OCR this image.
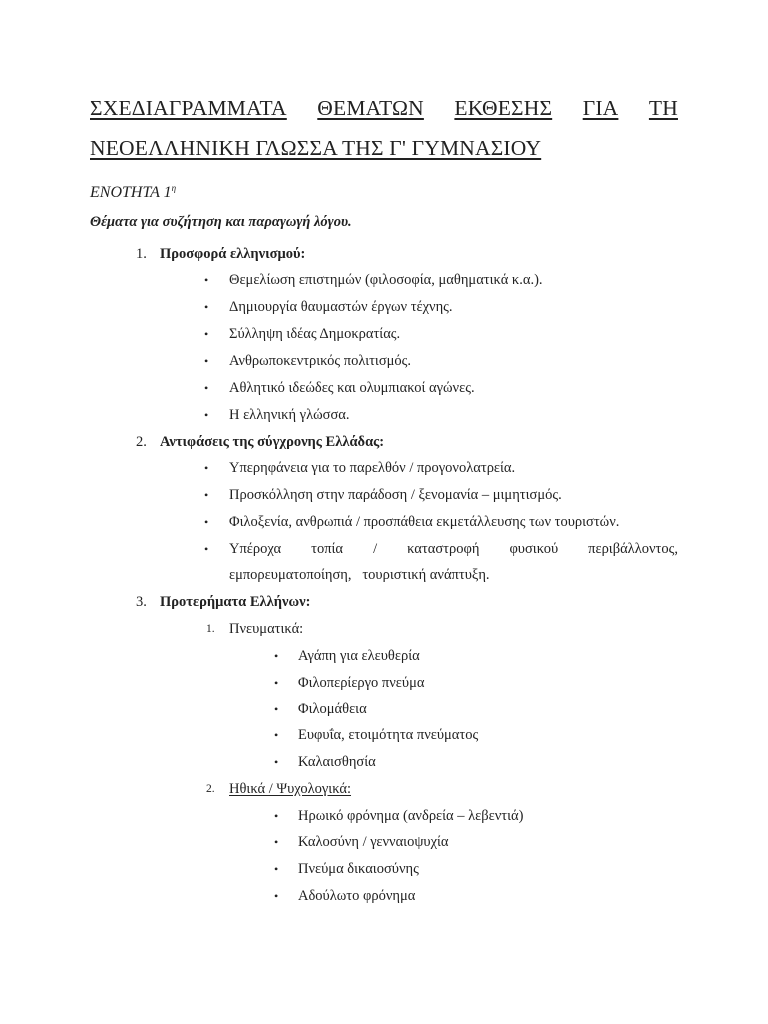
ΣΧΕΔΙΑΓΡΑΜΜΑΤΑ ΘΕΜΑΤΩΝ ΕΚΘΕΣΗΣ ΓΙΑ ΤΗ
ΝΕΟΕΛΛΗΝΙΚΗ ΓΛΩΣΣΑ ΤΗΣ Γ' ΓΥΜΝΑΣΙΟΥ
ΕΝΟΤΗΤΑ $1^\eta$
Θέματα για συζήτηση και παραγωγή λόγου.
1. Προσφορά ελληνισμού:
• Θεμελίωση επιστημών (φιλοσοφία, μαθηματικά κ.α.).
• Δημιουργία θαυμαστών έργων τέχνης.
• Σύλληψη ιδέας Δημοκρατίας.
• Ανθρωποκεντρικός πολιτισμός.
• Αθλητικό ιδεώδες και ολυμπιακοί αγώνες.
• Η ελληνική γλώσσα.
2. Αντιφάσεις της σύγχρονης Ελλάδας:
• Υπερηφάνεια για το παρελθόν / προγονολατρεία.
• Προσκόλληση στην παράδοση / ξενομανία – μιμητισμός.
• Φιλοξενία, ανθρωπιά / προσπάθεια εκμετάλλευσης των τουριστών.
• Υπέροχα τοπία / καταστροφή φυσικού περιβάλλοντος,
εμπορευματοποίηση,   τουριστική ανάπτυξη.
3. Προτερήματα Ελλήνων:
1. Πνευματικά:
• Αγάπη για ελευθερία
• Φιλοπερίεργο πνεύμα
• Φιλομάθεια
• Ευφυΐα, ετοιμότητα πνεύματος
• Καλαισθησία
2. Ηθικά / Ψυχολογικά:
• Ηρωικό φρόνημα (ανδρεία – λεβεντιά)
• Καλοσύνη / γενναιοψυχία
• Πνεύμα δικαιοσύνης
• Αδούλωτο φρόνημα
